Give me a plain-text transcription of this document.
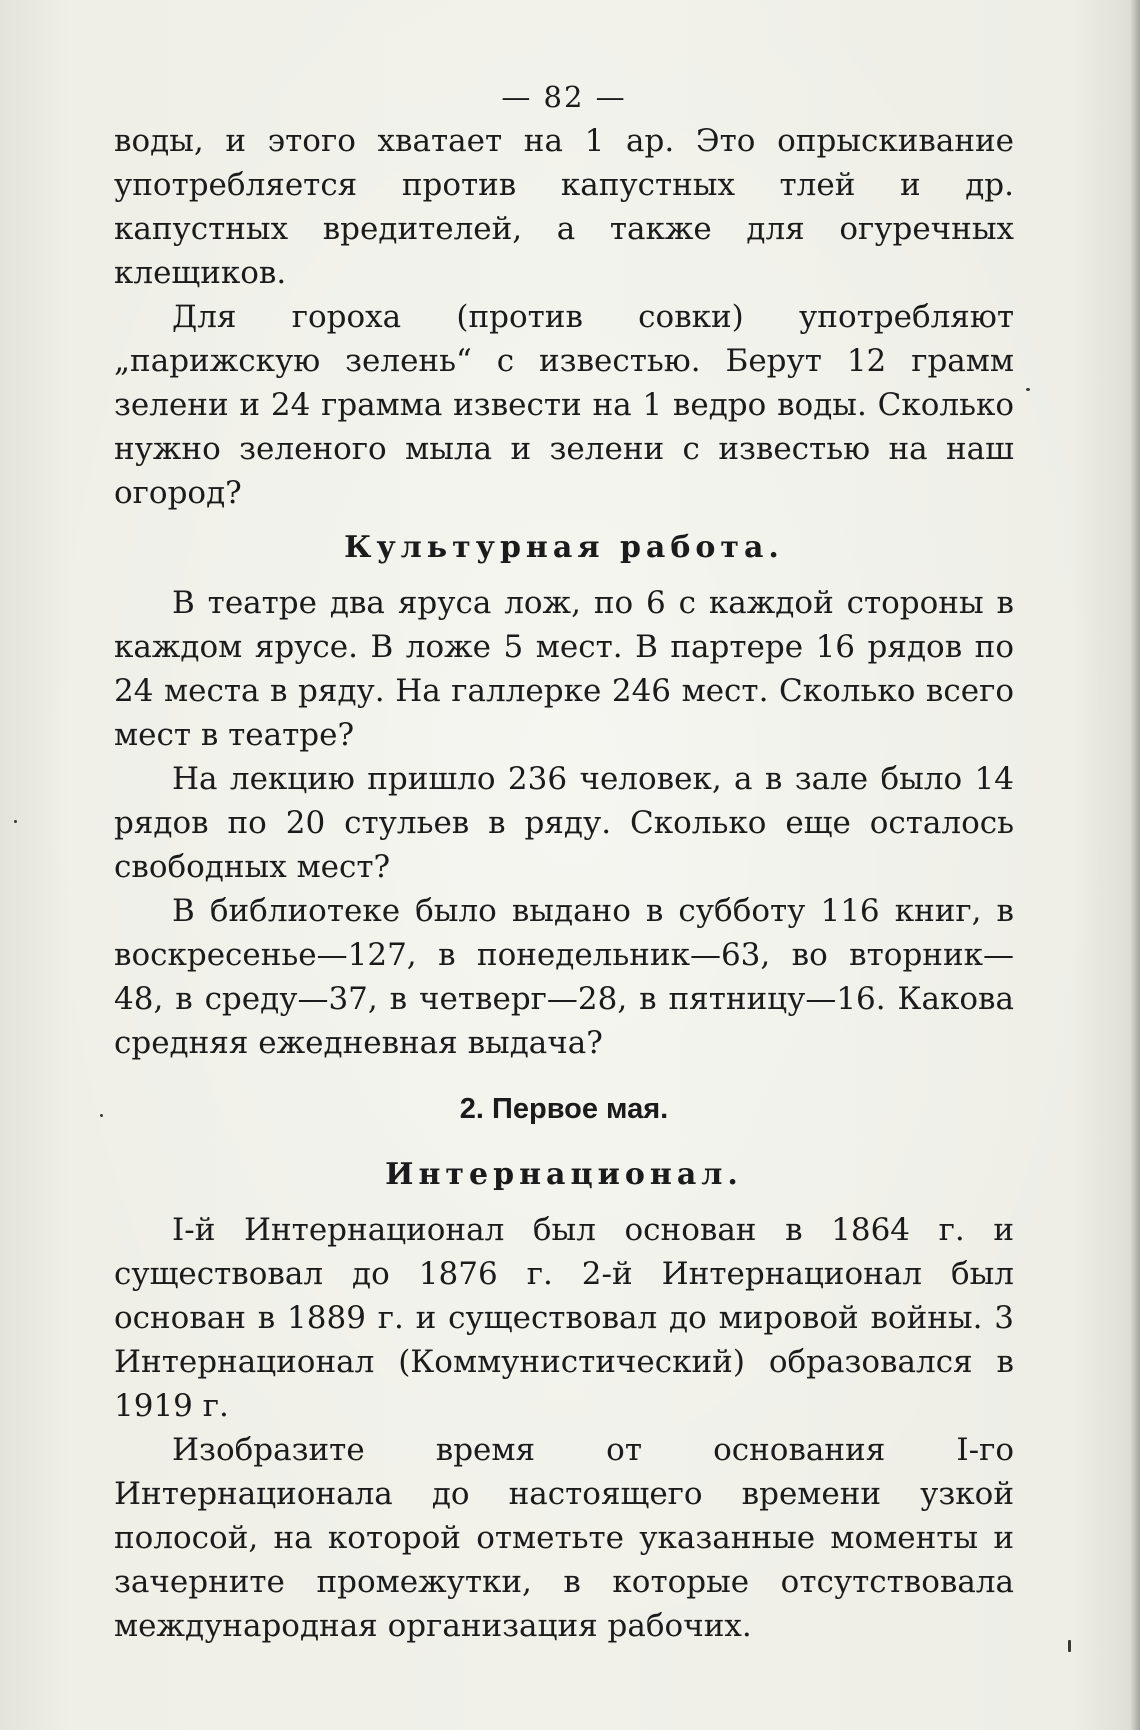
— 82 —

воды, и этого хватает на 1 ар. Это опрыскивание употребляется против капустных тлей и др. капустных вредителей, а также для огуречных клещиков.

Для гороха (против совки) употребляют „парижскую зелень“ с известью. Берут 12 грамм зелени и 24 грамма извести на 1 ведро воды. Сколько нужно зеленого мыла и зелени с известью на наш огород?

Культурная работа.

В театре два яруса лож, по 6 с каждой стороны в каждом ярусе. В ложе 5 мест. В партере 16 рядов по 24 места в ряду. На галлерке 246 мест. Сколько всего мест в театре?

На лекцию пришло 236 человек, а в зале было 14 рядов по 20 стульев в ряду. Сколько еще осталось свободных мест?

В библиотеке было выдано в субботу 116 книг, в воскресенье—127, в понедельник—63, во вторник—48, в среду—37, в четверг—28, в пятницу—16. Какова средняя ежедневная выдача?

2. Первое мая.
Интернационал.

I-й Интернационал был основан в 1864 г. и существовал до 1876 г. 2-й Интернационал был основан в 1889 г. и существовал до мировой войны. 3 Интернационал (Коммунистический) образовался в 1919 г.

Изобразите время от основания I-го Интернационала до настоящего времени узкой полосой, на которой отметьте указанные моменты и зачерните промежутки, в которые отсутствовала международная организация рабочих.
